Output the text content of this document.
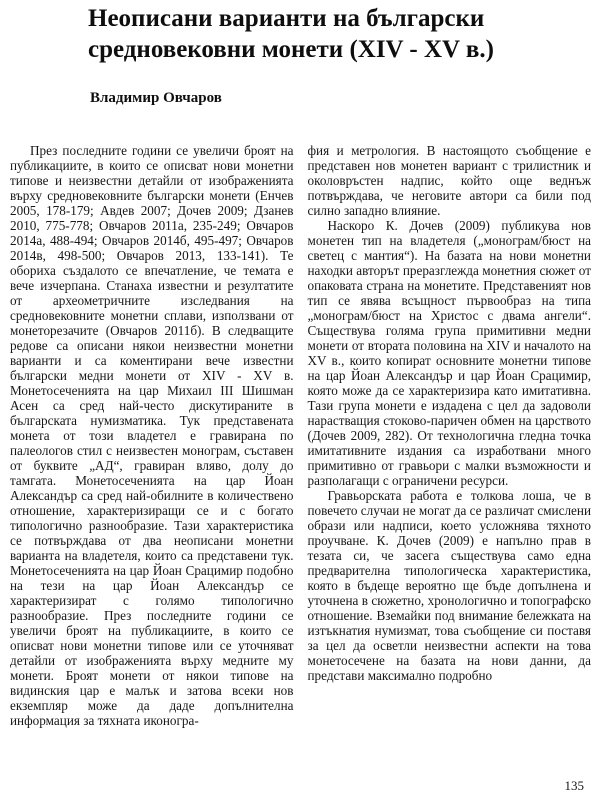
Неописани варианти на български средновековни монети (XIV - XV в.)
Владимир Овчаров

През последните години се увеличи броят на публикациите, в които се описват нови монетни типове и неизвестни детайли от изображенията върху средновековните български монети (Енчев 2005, 178-179; Авдев 2007; Дочев 2009; Дзанев 2010, 775-778; Овчаров 2011а, 235-249; Овчаров 2014а, 488-494; Овчаров 2014б, 495-497; Овчаров 2014в, 498-500; Овчаров 2013, 133-141). Те обориха създалото се впечатление, че темата е вече изчерпана. Станаха известни и резултатите от археометричните изследвания на средновековните монетни сплави, използвани от монеторезачите (Овчаров 2011б). В следващите редове са описани някои неизвестни монетни варианти и са коментирани вече известни български медни монети от XIV - XV в. Монетосеченията на цар Михаил III Шишман Асен са сред най-често дискутираните в българската нумизматика. Тук представената монета от този владетел е гравирана по палеологов стил с неизвестен монограм, съставен от буквите „АД“, гравиран вляво, долу до тамгата. Монетосеченията на цар Йоан Александър са сред най-обилните в количествено отношение, характеризиращи се и с богато типологично разнообразие. Тази характеристика се потвърждава от два неописани монетни варианта на владетеля, които са представени тук. Монетосеченията на цар Йоан Срацимир подобно на тези на цар Йоан Александър се характеризират с голямо типологично разнообразие. През последните години се увеличи броят на публикациите, в които се описват нови монетни типове или се уточняват детайли от изображенията върху медните му монети. Броят монети от някои типове на видинския цар е малък и затова всеки нов екземпляр може да даде допълнителна информация за тяхната иконогра-

фия и метрология. В настоящото съобщение е представен нов монетен вариант с трилистник и околовръстен надпис, който още веднъж потвърждава, че неговите автори са били под силно западно влияние.

Наскоро К. Дочев (2009) публикува нов монетен тип на владетеля („монограм/бюст на светец с мантия“). На базата на нови монетни находки авторът преразглежда монетния сюжет от опаковата страна на монетите. Представеният нов тип се явява всъщност първообраз на типа „монограм/бюст на Христос с двама ангели“. Съществува голяма група примитивни медни монети от втората половина на XIV и началото на XV в., които копират основните монетни типове на цар Йоан Александър и цар Йоан Срацимир, която може да се характеризира като имитативна. Тази група монети е издадена с цел да задоволи нарастващия стоково-паричен обмен на царството (Дочев 2009, 282). От технологична гледна точка имитативните издания са изработвани много примитивно от гравьори с малки възможности и разполагащи с ограничени ресурси.

Гравьорската работа е толкова лоша, че в повечето случаи не могат да се различат смислени образи или надписи, което усложнява тяхното проучване. К. Дочев (2009) е напълно прав в тезата си, че засега съществува само една предварителна типологическа характеристика, която в бъдеще вероятно ще бъде допълнена и уточнена в сюжетно, хронологично и топографско отношение. Вземайки под внимание бележката на изтъкнатия нумизмат, това съобщение си поставя за цел да осветли неизвестни аспекти на това монетосечене на базата на нови данни, да представи максимално подробно

135
